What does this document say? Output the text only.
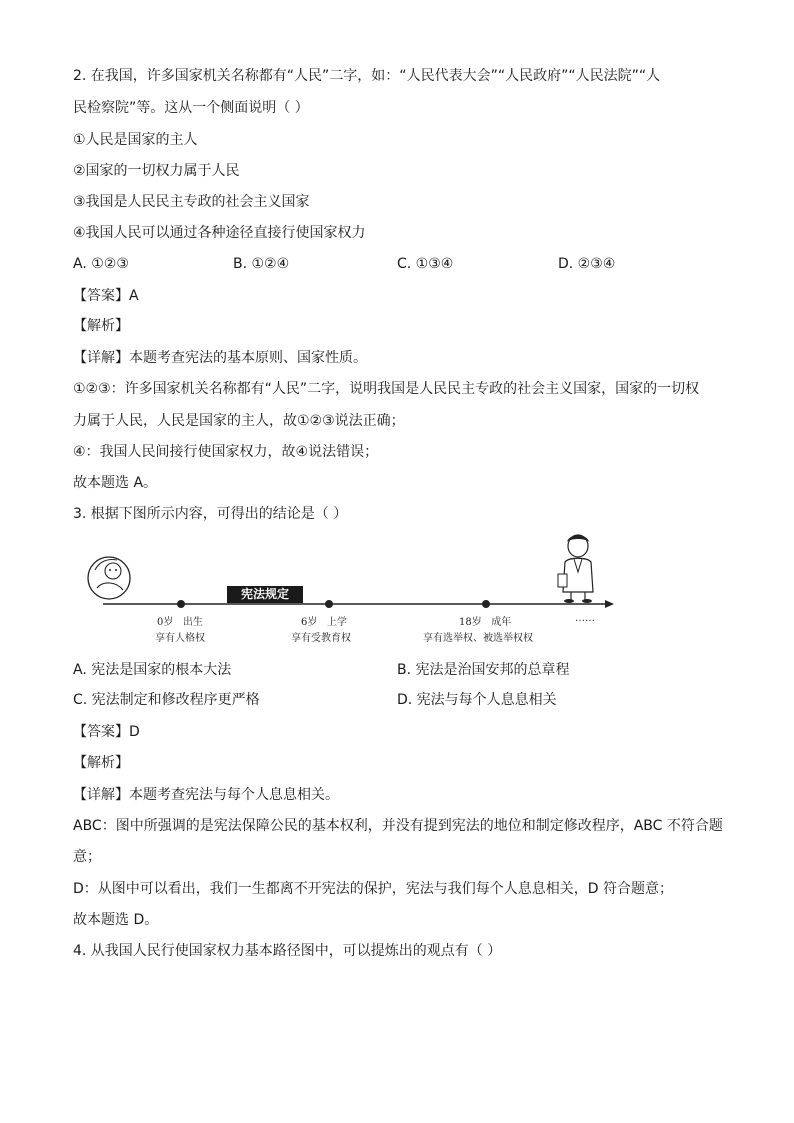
2. 在我国，许多国家机关名称都有“人民”二字，如：“人民代表大会”“人民政府”“人民法院”“人
民检察院”等。这从一个侧面说明（ ）
①人民是国家的主人
②国家的一切权力属于人民
③我国是人民民主专政的社会主义国家
④我国人民可以通过各种途径直接行使国家权力
A. ①②③	B. ①②④	C. ①③④	D. ②③④
【答案】A
【解析】
【详解】本题考查宪法的基本原则、国家性质。
①②③：许多国家机关名称都有“人民”二字，说明我国是人民民主专政的社会主义国家，国家的一切权
力属于人民，人民是国家的主人，故①②③说法正确；
④：我国人民间接行使国家权力，故④说法错误；
故本题选 A。
3. 根据下图所示内容，可得出的结论是（ ）
宪法规定
0岁 出生
享有人格权
6岁 上学
享有受教育权
18岁 成年
享有选举权、被选举权权
……
A. 宪法是国家的根本大法	B. 宪法是治国安邦的总章程
C. 宪法制定和修改程序更严格	D. 宪法与每个人息息相关
【答案】D
【解析】
【详解】本题考查宪法与每个人息息相关。
ABC：图中所强调的是宪法保障公民的基本权利，并没有提到宪法的地位和制定修改程序，ABC 不符合题
意；
D：从图中可以看出，我们一生都离不开宪法的保护，宪法与我们每个人息息相关，D 符合题意；
故本题选 D。
4. 从我国人民行使国家权力基本路径图中，可以提炼出的观点有（ ）
